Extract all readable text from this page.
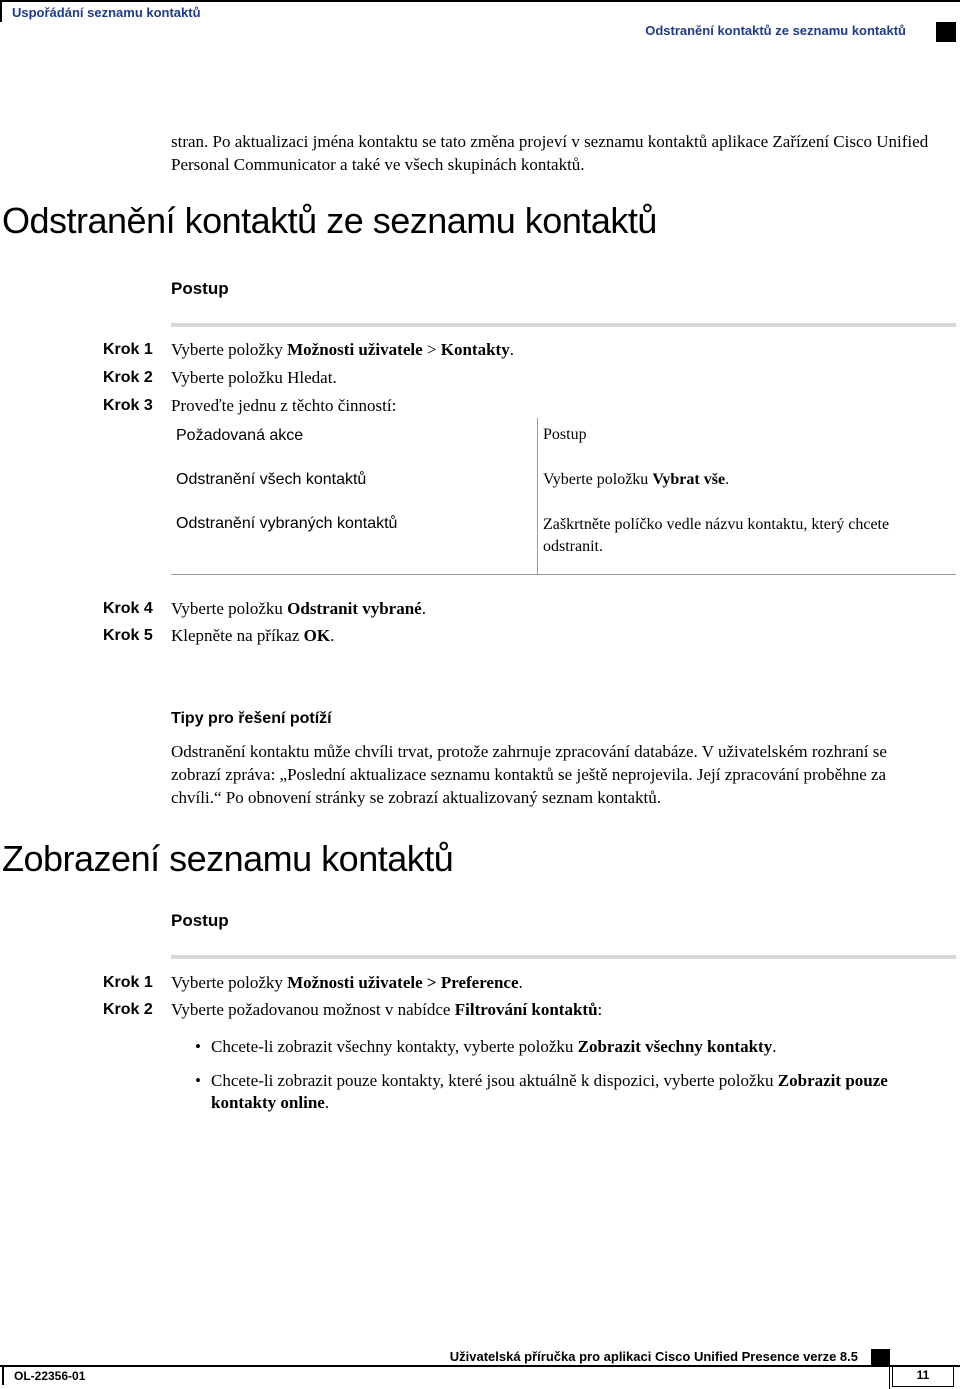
Uspořádání seznamu kontaktů
Odstranění kontaktů ze seznamu kontaktů
stran. Po aktualizaci jména kontaktu se tato změna projeví v seznamu kontaktů aplikace Zařízení Cisco Unified
Personal Communicator a také ve všech skupinách kontaktů.
Odstranění kontaktů ze seznamu kontaktů
Postup
Krok 1 Vyberte položky Možnosti uživatele > Kontakty.
Krok 2 Vyberte položku Hledat.
Krok 3 Proveďte jednu z těchto činností:
Požadovaná akce	Postup
Odstranění všech kontaktů	Vyberte položku Vybrat vše.
Odstranění vybraných kontaktů	Zaškrtněte políčko vedle názvu kontaktu, který chcete
odstranit.
Krok 4 Vyberte položku Odstranit vybrané.
Krok 5 Klepněte na příkaz OK.
Tipy pro řešení potíží
Odstranění kontaktu může chvíli trvat, protože zahrnuje zpracování databáze. V uživatelském rozhraní se
zobrazí zpráva: „Poslední aktualizace seznamu kontaktů se ještě neprojevila. Její zpracování proběhne za
chvíli.“ Po obnovení stránky se zobrazí aktualizovaný seznam kontaktů.
Zobrazení seznamu kontaktů
Postup
Krok 1 Vyberte položky Možnosti uživatele > Preference.
Krok 2 Vyberte požadovanou možnost v nabídce Filtrování kontaktů:
• Chcete-li zobrazit všechny kontakty, vyberte položku Zobrazit všechny kontakty.
• Chcete-li zobrazit pouze kontakty, které jsou aktuálně k dispozici, vyberte položku Zobrazit pouze
kontakty online.
Uživatelská příručka pro aplikaci Cisco Unified Presence verze 8.5
OL-22356-01	11
